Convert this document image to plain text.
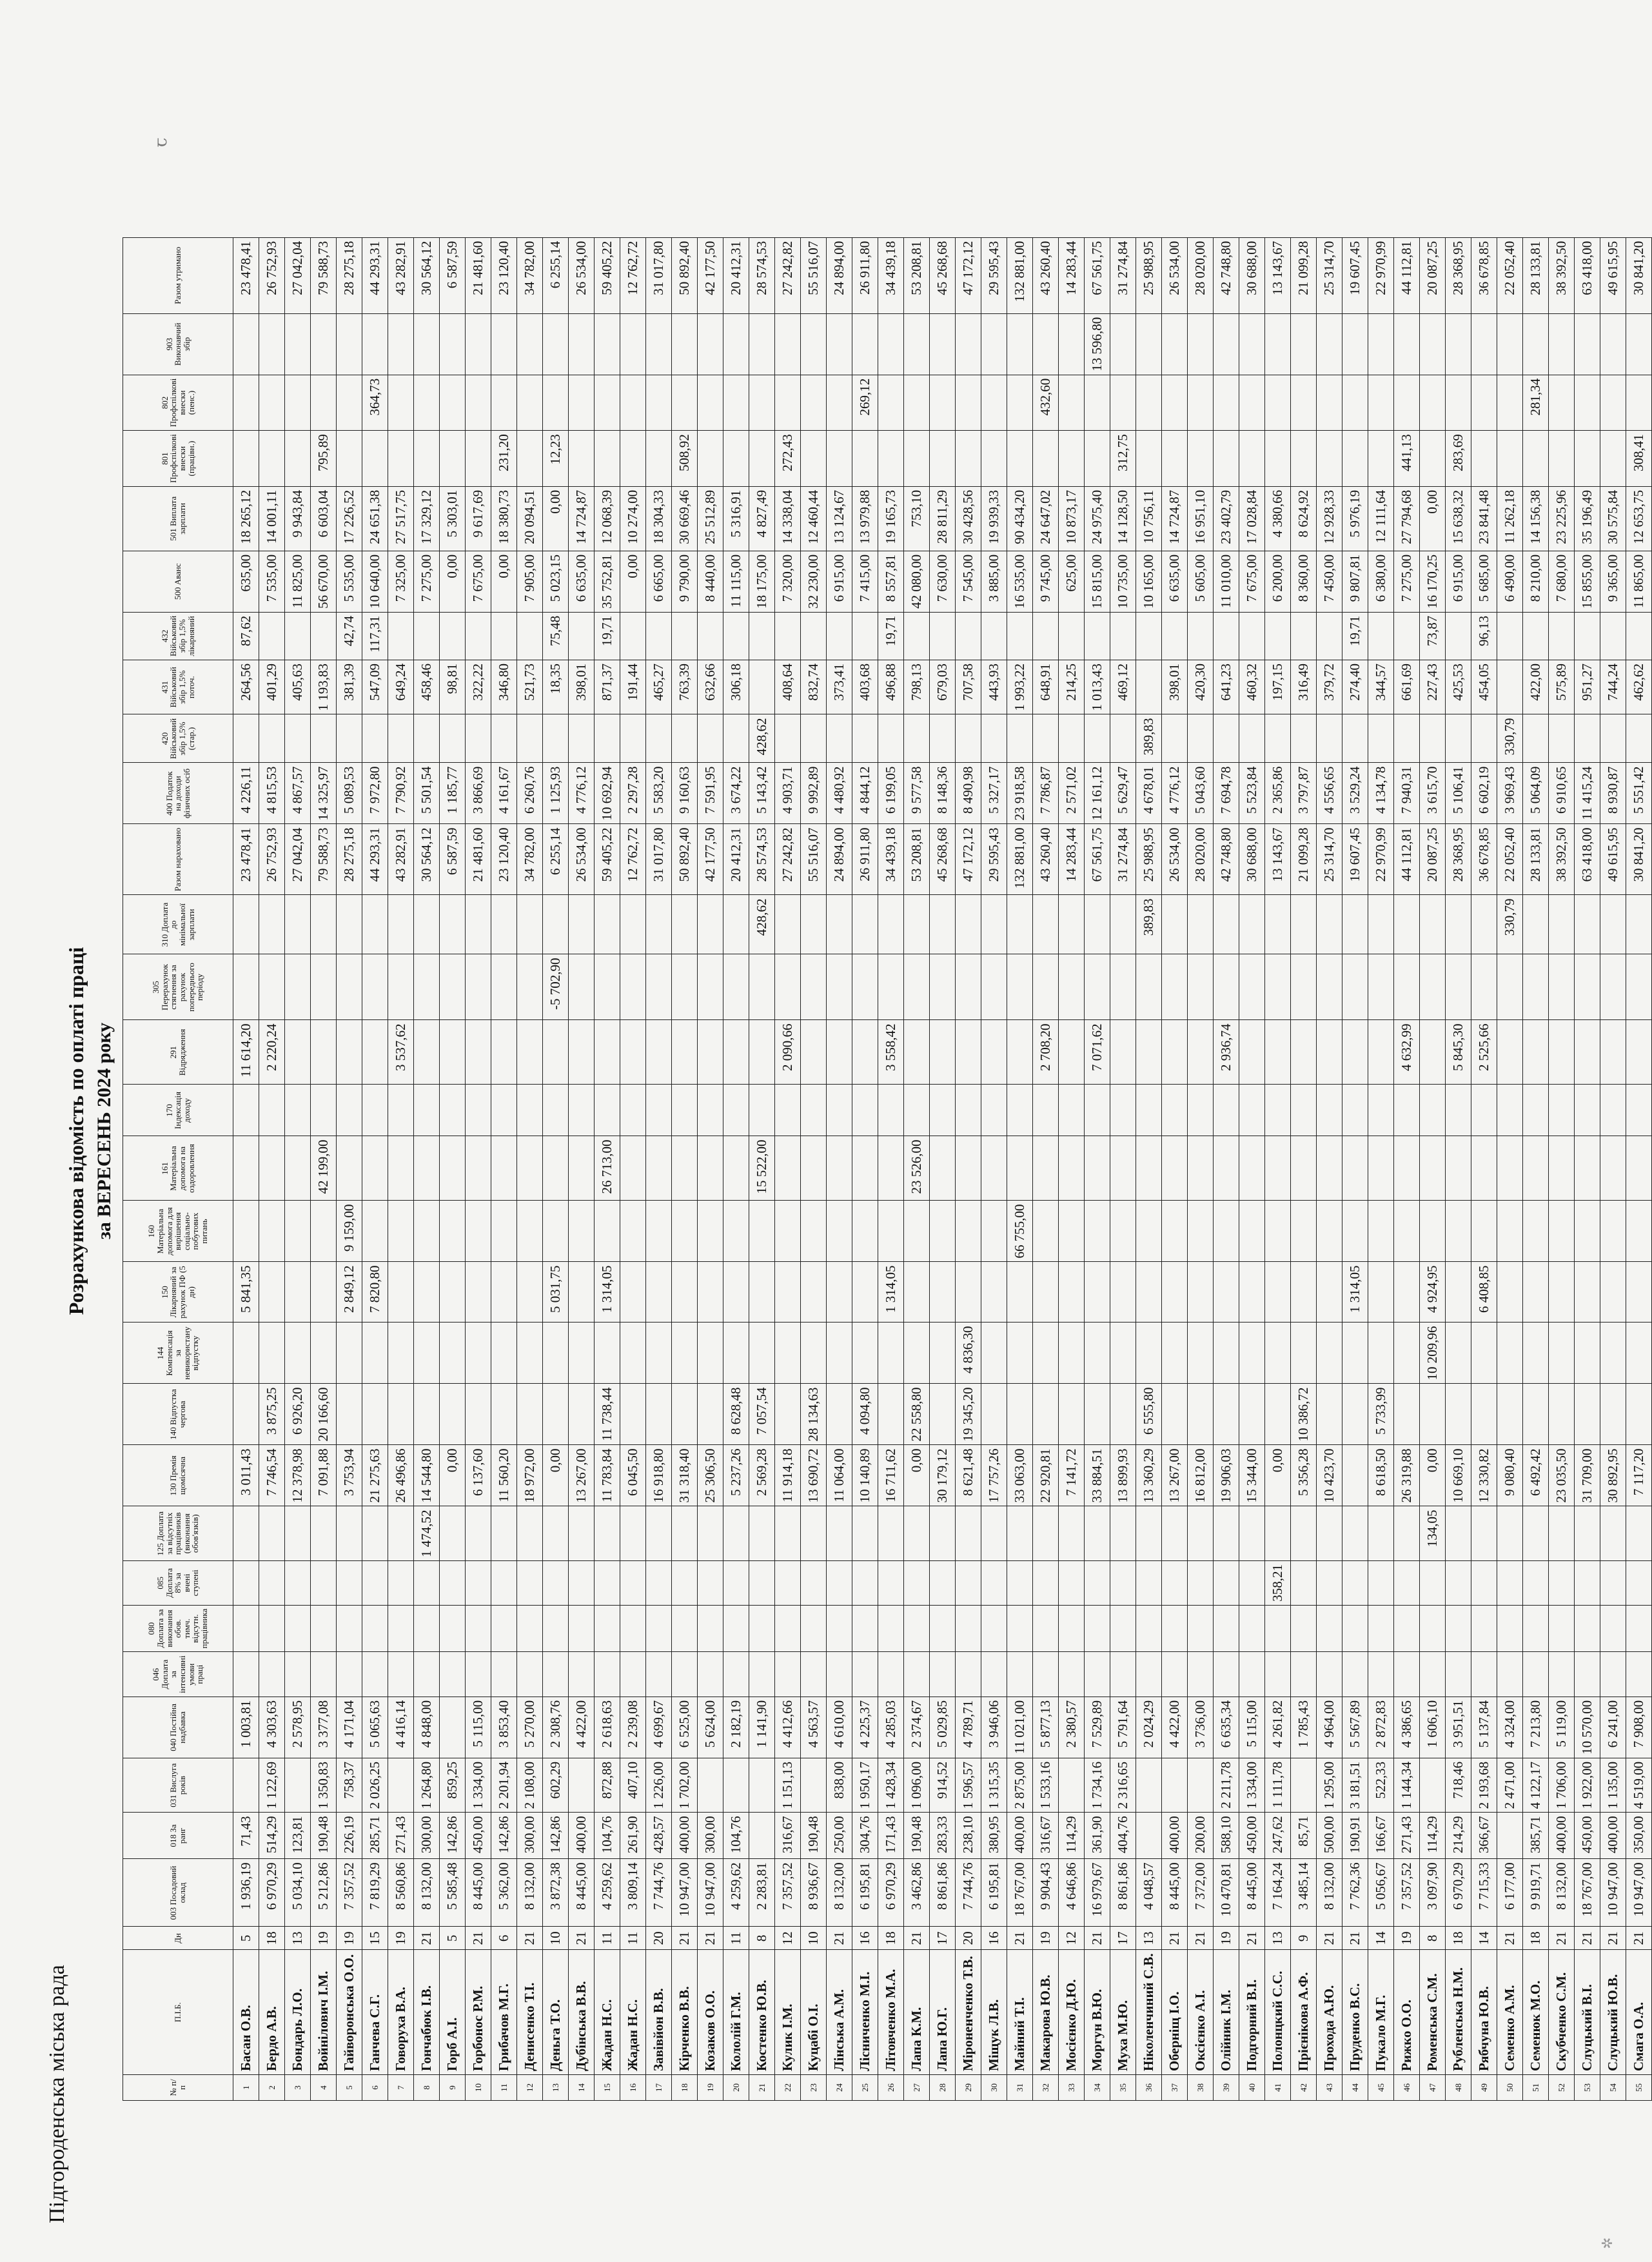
Підгороденська міська рада
Розрахункова відомість по оплаті праці за ВЕРЕСЕНЬ 2024 року
№ п/п	П.І.Б.	Дн	003 Посадовий оклад	018 За ранг	031 Вислуга років	040 Постійна надбавка	046 Доплата за інтенсивні умови праці	080 Доплата за виконання обов. тимч. відсутн. працівника	085 Доплата 8% за вчені ступені	125 Доплата за відсутніх працівників (виконання обов'язків)	130 Премія щомісячна	140 Відпустка чергова	144 Компенсація за невикористану відпустку	150 Лікарняний за рахунок ПФ (5 дн)	160 Матеріальна допомога для вирішення соціально-побутових питань	161 Матеріальна допомога на оздоровлення	170 Індексація доходу	291 Відрядження	305 Перерахунок стягнення за рахунок попереднього періоду	310 Доплата до мінімальної зарплати	Разом нараховано	400 Податок на доходи фізичних осіб	420 Військовий збір 1,5% (стар.)	431 Військовий збір 1,5% поточ.	432 Військовий збір 1,5% лікарняний	500 Аванс	501 Виплата зарплати	801 Профспілкові внески (працівн.)	802 Профспілкові внески (пенс.)	903 Виконавчий збір	Разом утримано
1	Басан О.В.	5	1 936,19	71,43		1 003,81					3 011,43			5 841,35				11 614,20			23 478,41	4 226,11		264,56	87,62	635,00	18 265,12				23 478,41
2	Бердо А.В.	18	6 970,29	514,29	1 122,69	4 303,63					7 746,54	3 875,25						2 220,24			26 752,93	4 815,53		401,29		7 535,00	14 001,11				26 752,93
3	Бондарь Л.О.	13	5 034,10	123,81		2 578,95					12 378,98	6 926,20									27 042,04	4 867,57		405,63		11 825,00	9 943,84				27 042,04
4	Войнілович І.М.	19	5 212,86	190,48	1 350,83	3 377,08					7 091,88	20 166,60				42 199,00					79 588,73	14 325,97		1 193,83		56 670,00	6 603,04	795,89			79 588,73
5	Гайворонська О.О.	19	7 357,52	226,19	758,37	4 171,04					3 753,94			2 849,12	9 159,00						28 275,18	5 089,53		381,39	42,74	5 535,00	17 226,52				28 275,18
6	Ганчева С.Г.	15	7 819,29	285,71	2 026,25	5 065,63					21 275,63			7 820,80							44 293,31	7 972,80		547,09	117,31	10 640,00	24 651,38		364,73		44 293,31
7	Говоруха В.А.	19	8 560,86	271,43		4 416,14					26 496,86							3 537,62			43 282,91	7 790,92		649,24		7 325,00	27 517,75				43 282,91
8	Гончабюк І.В.	21	8 132,00	300,00	1 264,80	4 848,00				1 474,52	14 544,80										30 564,12	5 501,54		458,46		7 275,00	17 329,12				30 564,12
9	Горб А.І.	5	5 585,48	142,86	859,25						0,00										6 587,59	1 185,77		98,81		0,00	5 303,01				6 587,59
10	Горбонос Р.М.	21	8 445,00	450,00	1 334,00	5 115,00					6 137,60										21 481,60	3 866,69		322,22		7 675,00	9 617,69				21 481,60
11	Грибачов М.Г.	6	5 362,00	142,86	2 201,94	3 853,40					11 560,20										23 120,40	4 161,67		346,80		0,00	18 380,73	231,20			23 120,40
12	Денисенко Т.І.	21	8 132,00	300,00	2 108,00	5 270,00					18 972,00										34 782,00	6 260,76		521,73		7 905,00	20 094,51				34 782,00
13	Деньга Т.О.	10	3 872,38	142,86	602,29	2 308,76					0,00			5 031,75					-5 702,90		6 255,14	1 125,93		18,35	75,48	5 023,15	0,00	12,23			6 255,14
14	Дубінська В.В.	21	8 445,00	400,00		4 422,00					13 267,00										26 534,00	4 776,12		398,01		6 635,00	14 724,87				26 534,00
15	Жадан Н.С.	11	4 259,62	104,76	872,88	2 618,63					11 783,84	11 738,44		1 314,05		26 713,00					59 405,22	10 692,94		871,37	19,71	35 752,81	12 068,39				59 405,22
16	Жадан Н.С.	11	3 809,14	261,90	407,10	2 239,08					6 045,50										12 762,72	2 297,28		191,44		0,00	10 274,00				12 762,72
17	Завівйон В.В.	20	7 744,76	428,57	1 226,00	4 699,67					16 918,80										31 017,80	5 583,20		465,27		6 665,00	18 304,33				31 017,80
18	Кірченко В.В.	21	10 947,00	400,00	1 702,00	6 525,00					31 318,40										50 892,40	9 160,63		763,39		9 790,00	30 669,46	508,92			50 892,40
19	Козаков О.О.	21	10 947,00	300,00		5 624,00					25 306,50										42 177,50	7 591,95		632,66		8 440,00	25 512,89				42 177,50
20	Кололій Г.М.	11	4 259,62	104,76		2 182,19					5 237,26	8 628,48									20 412,31	3 674,22		306,18		11 115,00	5 316,91				20 412,31
21	Костенко Ю.В.	8	2 283,81			1 141,90					2 569,28	7 057,54				15 522,00				428,62	28 574,53	5 143,42	428,62			18 175,00	4 827,49				28 574,53
22	Кулик І.М.	12	7 357,52	316,67	1 151,13	4 412,66					11 914,18							2 090,66			27 242,82	4 903,71		408,64		7 320,00	14 338,04	272,43			27 242,82
23	Куцабі О.І.	10	8 936,67	190,48		4 563,57					13 690,72	28 134,63									55 516,07	9 992,89		832,74		32 230,00	12 460,44				55 516,07
24	Лінська А.М.	21	8 132,00	250,00	838,00	4 610,00					11 064,00										24 894,00	4 480,92		373,41		6 915,00	13 124,67				24 894,00
25	Лісниченко М.І.	16	6 195,81	304,76	1 950,17	4 225,37					10 140,89	4 094,80									26 911,80	4 844,12		403,68		7 415,00	13 979,88		269,12		26 911,80
26	Літовченко М.А.	18	6 970,29	171,43	1 428,34	4 285,03					16 711,62			1 314,05				3 558,42			34 439,18	6 199,05		496,88	19,71	8 557,81	19 165,73				34 439,18
27	Лапа К.М.	21	3 462,86	190,48	1 096,00	2 374,67					0,00	22 558,80				23 526,00					53 208,81	9 577,58		798,13		42 080,00	753,10				53 208,81
28	Лапа Ю.Г.	17	8 861,86	283,33	914,52	5 029,85					30 179,12										45 268,68	8 148,36		679,03		7 630,00	28 811,29				45 268,68
29	Міроненченко Т.В.	20	7 744,76	238,10	1 596,57	4 789,71					8 621,48	19 345,20	4 836,30								47 172,12	8 490,98		707,58		7 545,00	30 428,56				47 172,12
30	Міщук Л.В.	16	6 195,81	380,95	1 315,35	3 946,06					17 757,26										29 595,43	5 327,17		443,93		3 885,00	19 939,33				29 595,43
31	Майний Т.І.	21	18 767,00	400,00	2 875,00	11 021,00					33 063,00				66 755,00						132 881,00	23 918,58		1 993,22		16 535,00	90 434,20				132 881,00
32	Макарова Ю.В.	19	9 904,43	316,67	1 533,16	5 877,13					22 920,81							2 708,20			43 260,40	7 786,87		648,91		9 745,00	24 647,02		432,60		43 260,40
33	Мосієнко Д.Ю.	12	4 646,86	114,29		2 380,57					7 141,72										14 283,44	2 571,02		214,25		625,00	10 873,17				14 283,44
34	Моргун В.Ю.	21	16 979,67	361,90	1 734,16	7 529,89					33 884,51							7 071,62			67 561,75	12 161,12		1 013,43		15 815,00	24 975,40			13 596,80	67 561,75
35	Муха М.Ю.	17	8 861,86	404,76	2 316,65	5 791,64					13 899,93										31 274,84	5 629,47		469,12		10 735,00	14 128,50	312,75			31 274,84
36	Ніколенчиний С.В.	13	4 048,57			2 024,29					13 360,29	6 555,80								389,83	25 988,95	4 678,01	389,83			10 165,00	10 756,11				25 988,95
37	Оберніщ І.О.	21	8 445,00	400,00		4 422,00					13 267,00										26 534,00	4 776,12		398,01		6 635,00	14 724,87				26 534,00
38	Оксієнко А.І.	21	7 372,00	200,00		3 736,00					16 812,00										28 020,00	5 043,60		420,30		5 605,00	16 951,10				28 020,00
39	Олійник І.М.	19	10 470,81	588,10	2 211,78	6 635,34					19 906,03							2 936,74			42 748,80	7 694,78		641,23		11 010,00	23 402,79				42 748,80
40	Подгорний В.І.	21	8 445,00	450,00	1 334,00	5 115,00					15 344,00										30 688,00	5 523,84		460,32		7 675,00	17 028,84				30 688,00
41	Полонцкий С.С.	13	7 164,24	247,62	1 111,78	4 261,82			358,21		0,00										13 143,67	2 365,86		197,15		6 200,00	4 380,66				13 143,67
42	Прієнікова А.Ф.	9	3 485,14	85,71		1 785,43					5 356,28	10 386,72									21 099,28	3 797,87		316,49		8 360,00	8 624,92				21 099,28
43	Прохода А.Ю.	21	8 132,00	500,00	1 295,00	4 964,00					10 423,70										25 314,70	4 556,65		379,72		7 450,00	12 928,33				25 314,70
44	Пруденко В.С.	21	7 762,36	190,91	3 181,51	5 567,89								1 314,05							19 607,45	3 529,24		274,40	19,71	9 807,81	5 976,19				19 607,45
45	Пукало М.Г.	14	5 056,67	166,67	522,33	2 872,83					8 618,50	5 733,99									22 970,99	4 134,78		344,57		6 380,00	12 111,64				22 970,99
46	Рижко О.О.	19	7 357,52	271,43	1 144,34	4 386,65					26 319,88							4 632,99			44 112,81	7 940,31		661,69		7 275,00	27 794,68	441,13			44 112,81
47	Роменська С.М.	8	3 097,90	114,29		1 606,10				134,05	0,00		10 209,96	4 924,95							20 087,25	3 615,70		227,43	73,87	16 170,25	0,00				20 087,25
48	Рубленська Н.М.	18	6 970,29	214,29	718,46	3 951,51					10 669,10							5 845,30			28 368,95	5 106,41		425,53		6 915,00	15 638,32	283,69			28 368,95
49	Рябчуна Ю.В.	14	7 715,33	366,67	2 193,68	5 137,84					12 330,82			6 408,85				2 525,66			36 678,85	6 602,19		454,05	96,13	5 685,00	23 841,48				36 678,85
50	Семенко А.М.	21	6 177,00		2 471,00	4 324,00					9 080,40									330,79	22 052,40	3 969,43	330,79			6 490,00	11 262,18				22 052,40
51	Семенюк М.О.	18	9 919,71	385,71	4 122,17	7 213,80					6 492,42										28 133,81	5 064,09		422,00		8 210,00	14 156,38		281,34		28 133,81
52	Скубченко С.М.	21	8 132,00	400,00	1 706,00	5 119,00					23 035,50										38 392,50	6 910,65		575,89		7 680,00	23 225,96				38 392,50
53	Слуцький В.І.	21	18 767,00	450,00	1 922,00	10 570,00					31 709,00										63 418,00	11 415,24		951,27		15 855,00	35 196,49				63 418,00
54	Слуцький Ю.В.	21	10 947,00	400,00	1 135,00	6 241,00					30 892,95										49 615,95	8 930,87		744,24		9 365,00	30 575,84				49 615,95
55	Смага О.А.	21	10 947,00	350,00	4 519,00	7 908,00					7 117,20										30 841,20	5 551,42		462,62		11 865,00	12 653,75	308,41			30 841,20
ꞇ
✲
